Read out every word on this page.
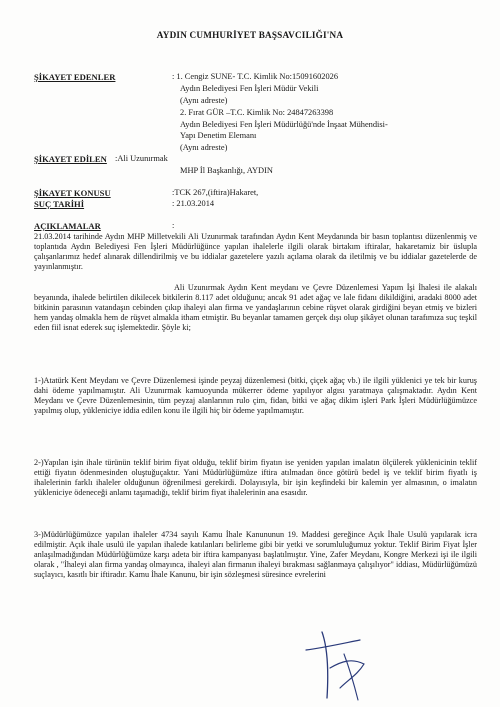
AYDIN CUMHURİYET BAŞSAVCILIĞI'NA
ŞİKAYET EDENLER	: 1. Cengiz SUNE- T.C. Kimlik No:15091602026
Aydın Belediyesi Fen İşleri Müdür Vekili
(Aynı adreste)
2. Fırat GÜR –T.C. Kimlik No: 24847263398
Aydın Belediyesi Fen İşleri Müdürlüğü'nde İnşaat Mühendisi-
Yapı Denetim Elemanı
(Aynı adreste)
ŞİKAYET EDİLEN :Ali Uzunırmak
MHP İl Başkanlığı, AYDIN
ŞİKAYET KONUSU	:TCK 267,(iftira)Hakaret,
SUÇ TARİHİ	: 21.03.2014
AÇIKLAMALAR	:
21.03.2014 tarihinde Aydın MHP Milletvekili Ali Uzunırmak tarafından Aydın Kent Meydanında bir basın toplantısı düzenlenmiş ve toplantıda Aydın Belediyesi Fen İşleri Müdürlüğünce yapılan ihalelerle ilgili olarak birtakım iftiralar, hakaretamiz bir üslupla çalışanlarımız hedef alınarak dillendirilmiş ve bu iddialar gazetelere yazılı açılama olarak da iletilmiş ve bu iddialar gazetelerde de yayınlanmıştır.
Ali Uzunırmak Aydın Kent meydanı ve Çevre Düzenlemesi Yapım İşi İhalesi ile alakalı beyanında, ihalede belirtilen dikilecek bitkilerin 8.117 adet olduğunu; ancak 91 adet ağaç ve lale fidanı dikildiğini, aradaki 8000 adet bitkinin parasının vatandaşın cebinden çıkıp ihaleyi alan firma ve yandaşlarının cebine rüşvet olarak girdiğini beyan etmiş ve bizleri hem yandaş olmakla hem de rüşvet almakla itham etmiştir. Bu beyanlar tamamen gerçek dışı olup şikâyet olunan tarafımıza suç teşkil eden fiil isnat ederek suç işlemektedir. Şöyle ki;
1-)Atatürk Kent Meydanı ve Çevre Düzenlemesi işinde peyzaj düzenlemesi (bitki, çiçek ağaç vb.) ile ilgili yüklenici ye tek bir kuruş dahi ödeme yapılmamıştır. Ali Uzunırmak kamuoyunda mükerrer ödeme yapılıyor algısı yaratmaya çalışmaktadır. Aydın Kent Meydanı ve Çevre Düzenlemesinin, tüm peyzaj alanlarının rulo çim, fidan, bitki ve ağaç dikim işleri Park İşleri Müdürlüğümüzce yapılmış olup, yükleniciye iddia edilen konu ile ilgili hiç bir ödeme yapılmamıştır.
2-)Yapılan işin ihale türünün teklif birim fiyat olduğu, teklif birim fiyatın ise yeniden yapılan imalatın ölçülerek yüklenicinin teklif ettiği fiyatın ödenmesinden oluştuğuçaktır. Yani Müdürlüğümüze iftira atılmadan önce götürü bedel iş ve teklif birim fiyatlı iş ihalelerinin farklı ihaleler olduğunun öğrenilmesi gerekirdi. Dolayısıyla, bir işin keşfindeki bir kalemin yer almasının, o imalatın yükleniciye ödeneceği anlamı taşımadığı, teklif birim fiyat ihalelerinin ana esasıdır.
3-)Müdürlüğümüzce yapılan ihaleler 4734 sayılı Kamu İhale Kanununun 19. Maddesi gereğince Açık İhale Usulü yapılarak icra edilmiştir. Açık ihale usulü ile yapılan ihalede katılanları belirleme gibi bir yetki ve sorumluluğumuz yoktur. Teklif Birim Fiyat İşler anlaşılmadığından Müdürlüğümüze karşı adeta bir iftira kampanyası başlatılmıştır. Yine, Zafer Meydanı, Kongre Merkezi işi ile ilgili olarak , "İhaleyi alan firma yandaş olmayınca, ihaleyi alan firmanın ihaleyi bırakması sağlanmaya çalışılıyor" iddiası, Müdürlüğümüzü suçlayıcı, kasıtlı bir iftiradır. Kamu İhale Kanunu, bir işin sözleşmesi süresince evrelerini
